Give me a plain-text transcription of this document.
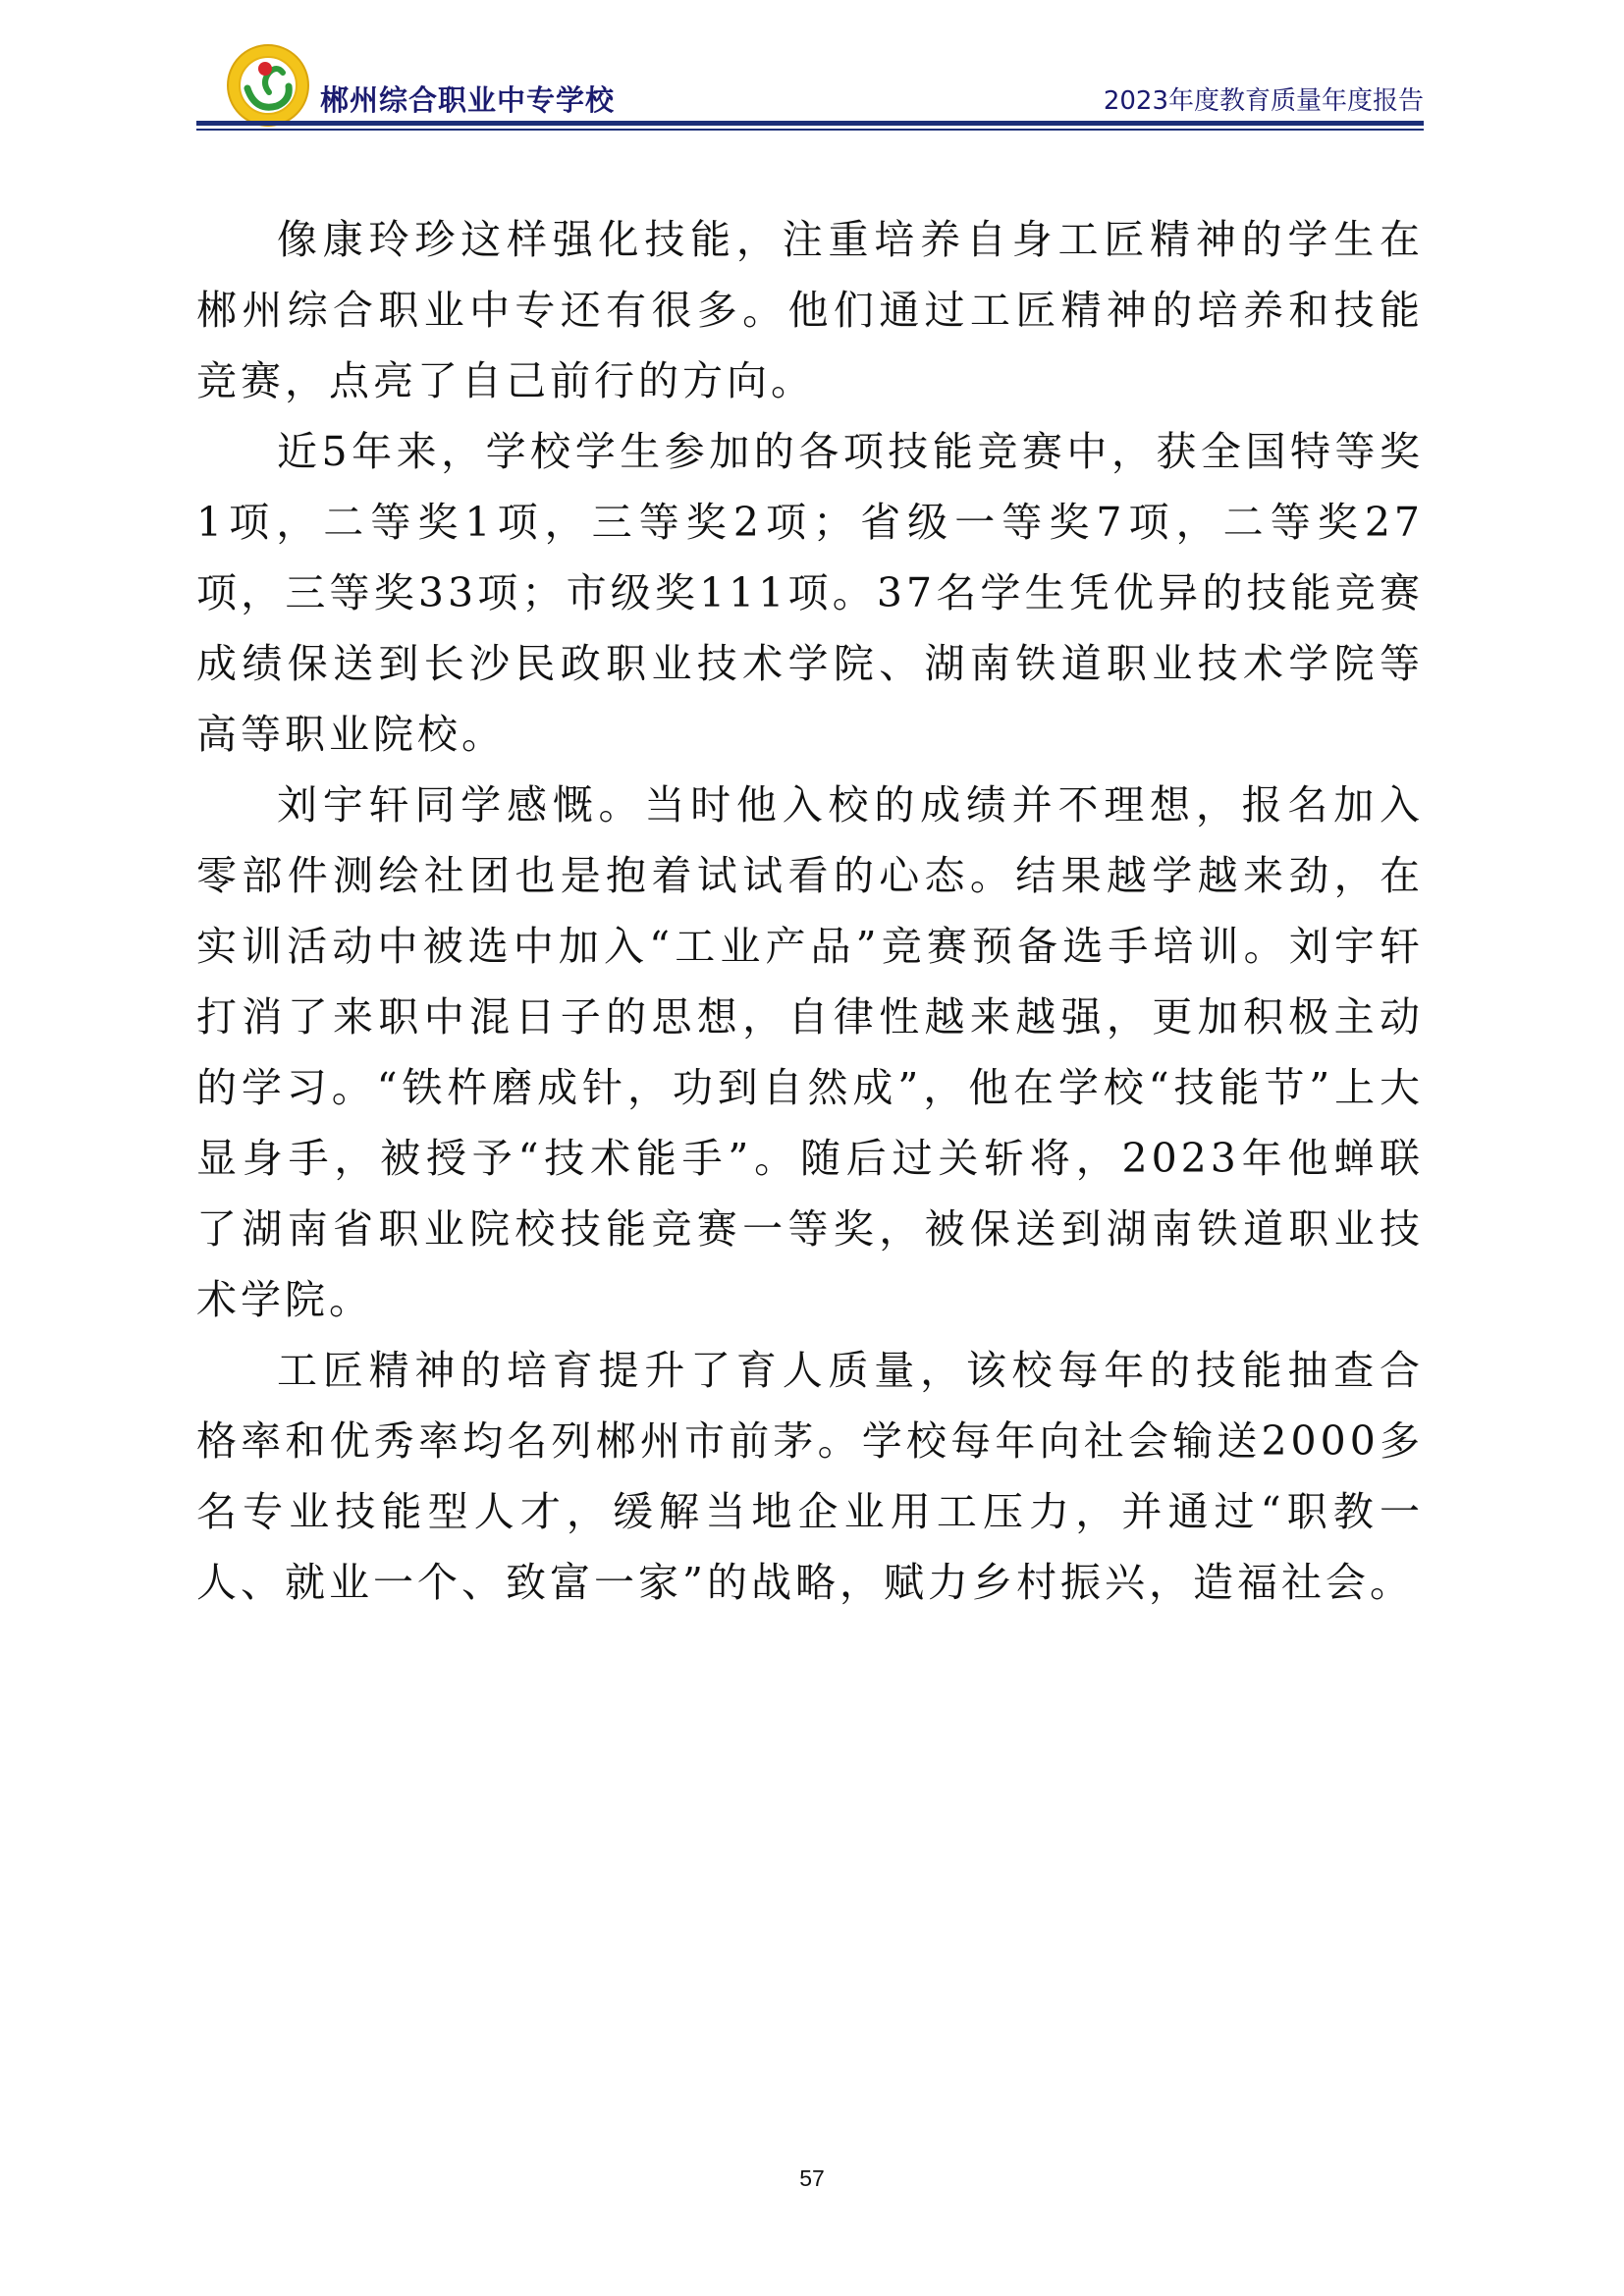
郴州综合职业中专学校	2023年度教育质量年度报告

像康玲珍这样强化技能，注重培养自身工匠精神的学生在郴州综合职业中专还有很多。他们通过工匠精神的培养和技能竞赛，点亮了自己前行的方向。

近5年来，学校学生参加的各项技能竞赛中，获全国特等奖1项，二等奖1项，三等奖2项；省级一等奖7项，二等奖27项，三等奖33项；市级奖111项。37名学生凭优异的技能竞赛成绩保送到长沙民政职业技术学院、湖南铁道职业技术学院等高等职业院校。

刘宇轩同学感慨。当时他入校的成绩并不理想，报名加入零部件测绘社团也是抱着试试看的心态。结果越学越来劲，在实训活动中被选中加入“工业产品”竞赛预备选手培训。刘宇轩打消了来职中混日子的思想，自律性越来越强，更加积极主动的学习。“铁杵磨成针，功到自然成”，他在学校“技能节”上大显身手，被授予“技术能手”。随后过关斩将，2023年他蝉联了湖南省职业院校技能竞赛一等奖，被保送到湖南铁道职业技术学院。

工匠精神的培育提升了育人质量，该校每年的技能抽查合格率和优秀率均名列郴州市前茅。学校每年向社会输送2000多名专业技能型人才，缓解当地企业用工压力，并通过“职教一人、就业一个、致富一家”的战略，赋力乡村振兴，造福社会。

57
